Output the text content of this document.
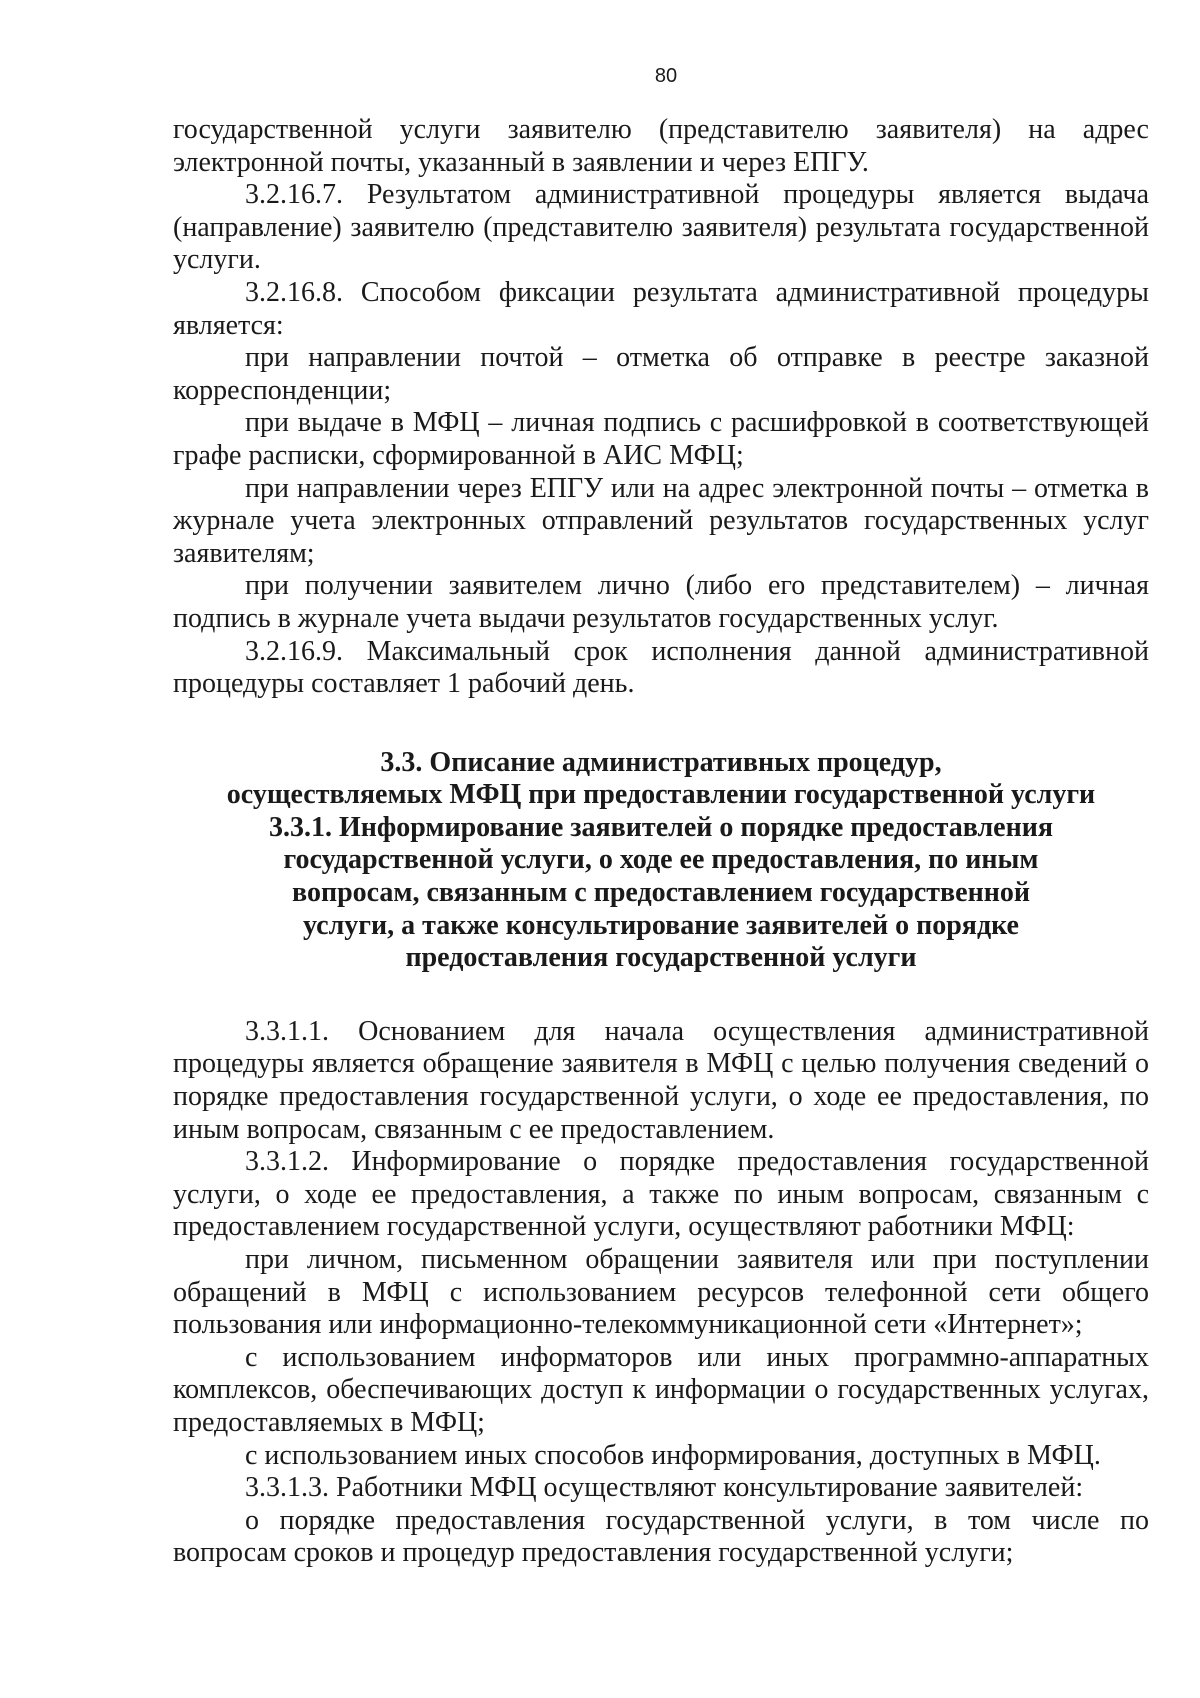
80

государственной услуги заявителю (представителю заявителя) на адрес электронной почты, указанный в заявлении и через ЕПГУ.

3.2.16.7. Результатом административной процедуры является выдача (направление) заявителю (представителю заявителя) результата государственной услуги.

3.2.16.8. Способом фиксации результата административной процедуры является:

при направлении почтой – отметка об отправке в реестре заказной корреспонденции;

при выдаче в МФЦ – личная подпись с расшифровкой в соответствующей графе расписки, сформированной в АИС МФЦ;

при направлении через ЕПГУ или на адрес электронной почты – отметка в журнале учета электронных отправлений результатов государственных услуг заявителям;

при получении заявителем лично (либо его представителем) – личная подпись в журнале учета выдачи результатов государственных услуг.

3.2.16.9. Максимальный срок исполнения данной административной процедуры составляет 1 рабочий день.

3.3. Описание административных процедур,
осуществляемых МФЦ при предоставлении государственной услуги
3.3.1. Информирование заявителей о порядке предоставления
государственной услуги, о ходе ее предоставления, по иным
вопросам, связанным с предоставлением государственной
услуги, а также консультирование заявителей о порядке
предоставления государственной услуги

3.3.1.1. Основанием для начала осуществления административной процедуры является обращение заявителя в МФЦ с целью получения сведений о порядке предоставления государственной услуги, о ходе ее предоставления, по иным вопросам, связанным с ее предоставлением.

3.3.1.2. Информирование о порядке предоставления государственной услуги, о ходе ее предоставления, а также по иным вопросам, связанным с предоставлением государственной услуги, осуществляют работники МФЦ:

при личном, письменном обращении заявителя или при поступлении обращений в МФЦ с использованием ресурсов телефонной сети общего пользования или информационно-телекоммуникационной сети «Интернет»;

с использованием информаторов или иных программно-аппаратных комплексов, обеспечивающих доступ к информации о государственных услугах, предоставляемых в МФЦ;

с использованием иных способов информирования, доступных в МФЦ.

3.3.1.3. Работники МФЦ осуществляют консультирование заявителей:

о порядке предоставления государственной услуги, в том числе по вопросам сроков и процедур предоставления государственной услуги;
